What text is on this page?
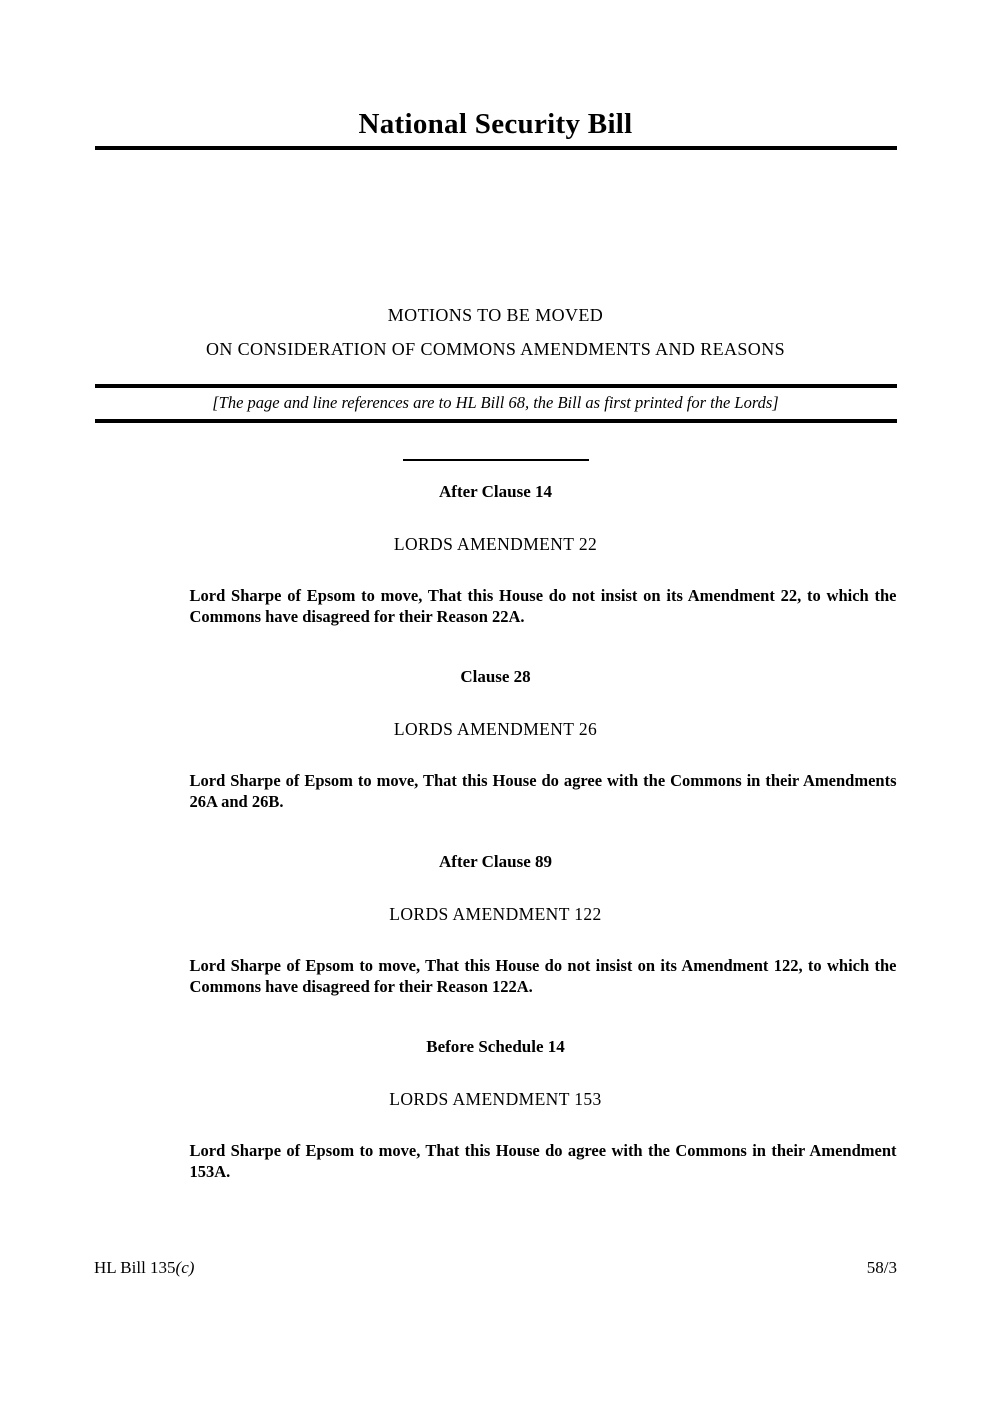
National Security Bill
MOTIONS TO BE MOVED
ON CONSIDERATION OF COMMONS AMENDMENTS AND REASONS
[The page and line references are to HL Bill 68, the Bill as first printed for the Lords]
After Clause 14
LORDS AMENDMENT 22

Lord Sharpe of Epsom to move, That this House do not insist on its Amendment 22, to which the Commons have disagreed for their Reason 22A.

Clause 28
LORDS AMENDMENT 26

Lord Sharpe of Epsom to move, That this House do agree with the Commons in their Amendments 26A and 26B.

After Clause 89
LORDS AMENDMENT 122

Lord Sharpe of Epsom to move, That this House do not insist on its Amendment 122, to which the Commons have disagreed for their Reason 122A.

Before Schedule 14
LORDS AMENDMENT 153

Lord Sharpe of Epsom to move, That this House do agree with the Commons in their Amendment 153A.

HL Bill 135(c)	58/3
